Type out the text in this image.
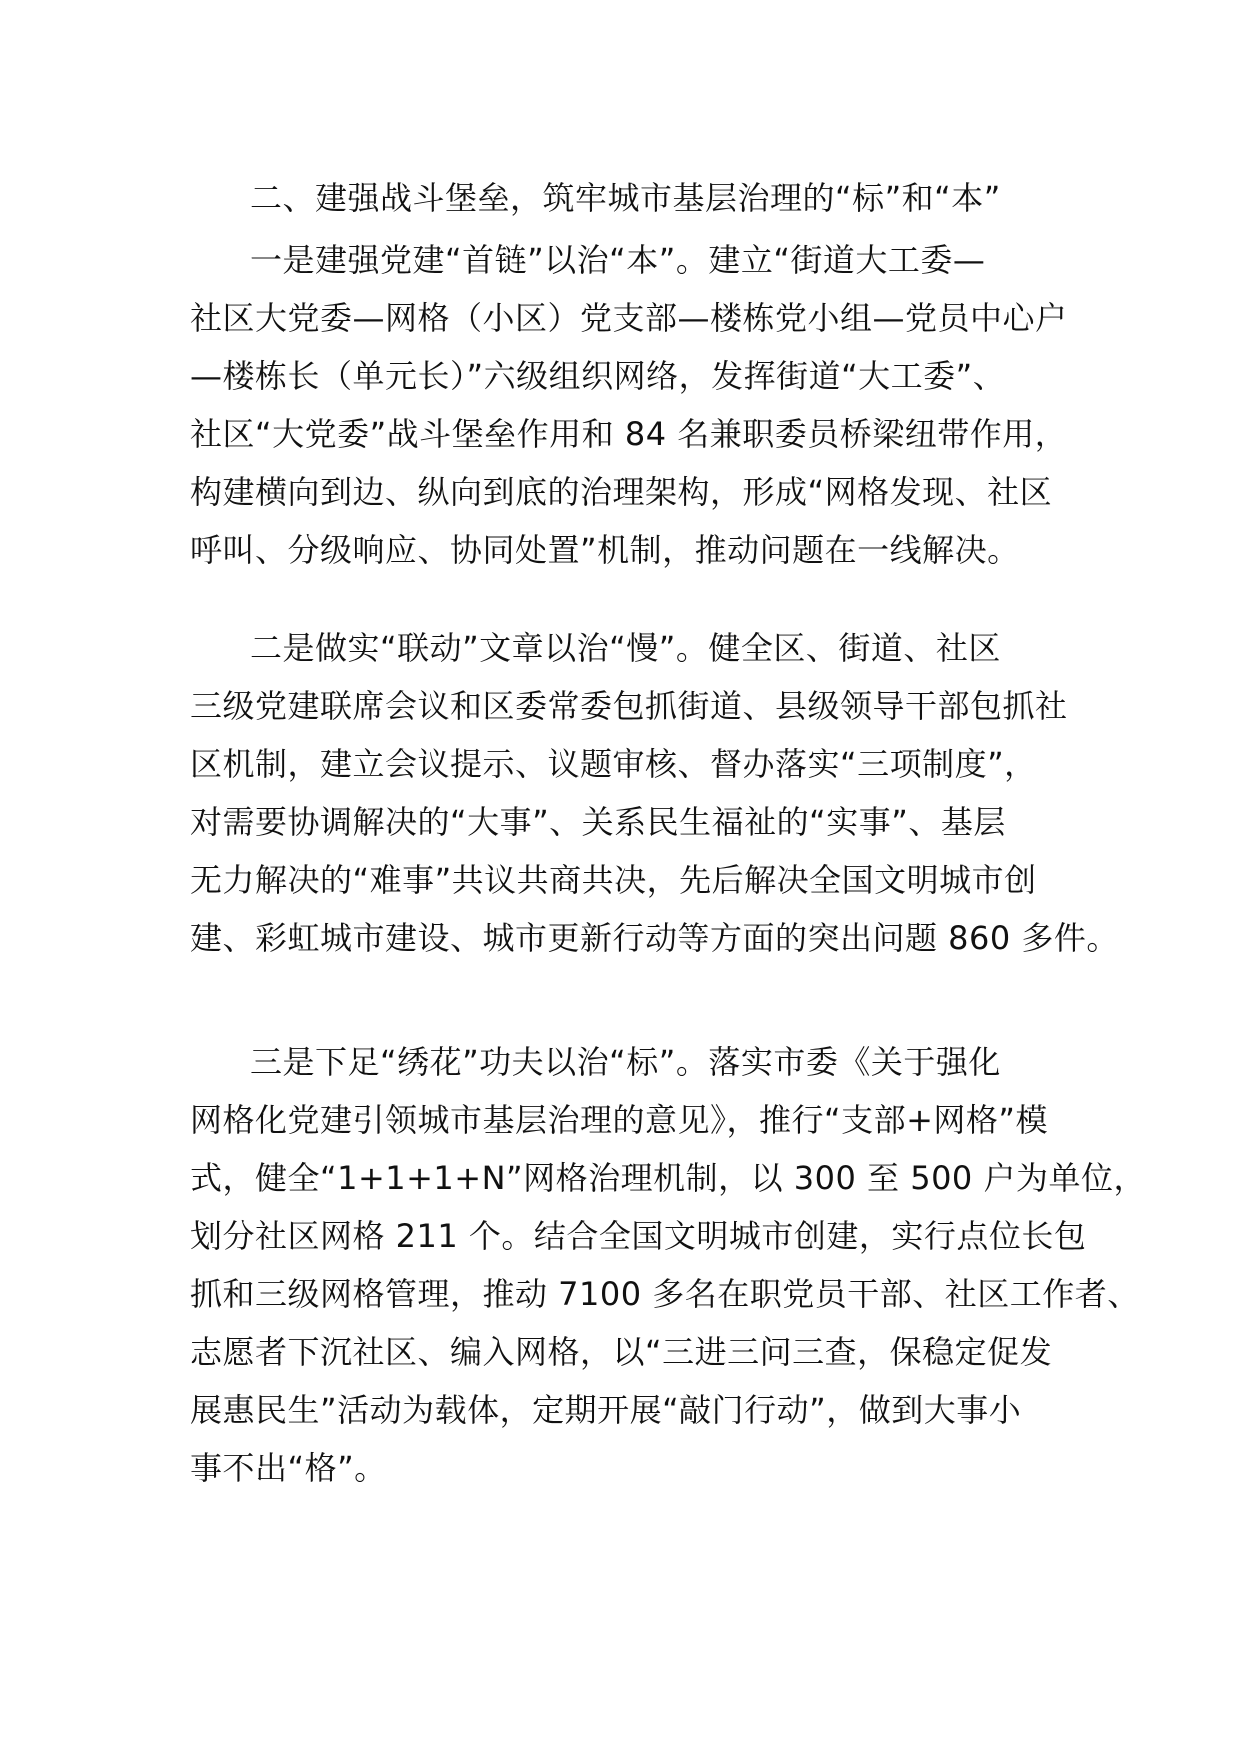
二、建强战斗堡垒，筑牢城市基层治理的“标”和“本”
一是建强党建“首链”以治“本”。建立“街道大工委—
社区大党委—网格（小区）党支部—楼栋党小组—党员中心户
—楼栋长（单元长）”六级组织网络，发挥街道“大工委”、
社区“大党委”战斗堡垒作用和 84 名兼职委员桥梁纽带作用，
构建横向到边、纵向到底的治理架构，形成“网格发现、社区
呼叫、分级响应、协同处置”机制，推动问题在一线解决。
二是做实“联动”文章以治“慢”。健全区、街道、社区
三级党建联席会议和区委常委包抓街道、县级领导干部包抓社
区机制，建立会议提示、议题审核、督办落实“三项制度”，
对需要协调解决的“大事”、关系民生福祉的“实事”、基层
无力解决的“难事”共议共商共决，先后解决全国文明城市创
建、彩虹城市建设、城市更新行动等方面的突出问题 860 多件。
三是下足“绣花”功夫以治“标”。落实市委《关于强化
网格化党建引领城市基层治理的意见》，推行“支部+网格”模
式，健全“1+1+1+N”网格治理机制，以 300 至 500 户为单位，
划分社区网格 211 个。结合全国文明城市创建，实行点位长包
抓和三级网格管理，推动 7100 多名在职党员干部、社区工作者、
志愿者下沉社区、编入网格，以“三进三问三查，保稳定促发
展惠民生”活动为载体，定期开展“敲门行动”，做到大事小
事不出“格”。
